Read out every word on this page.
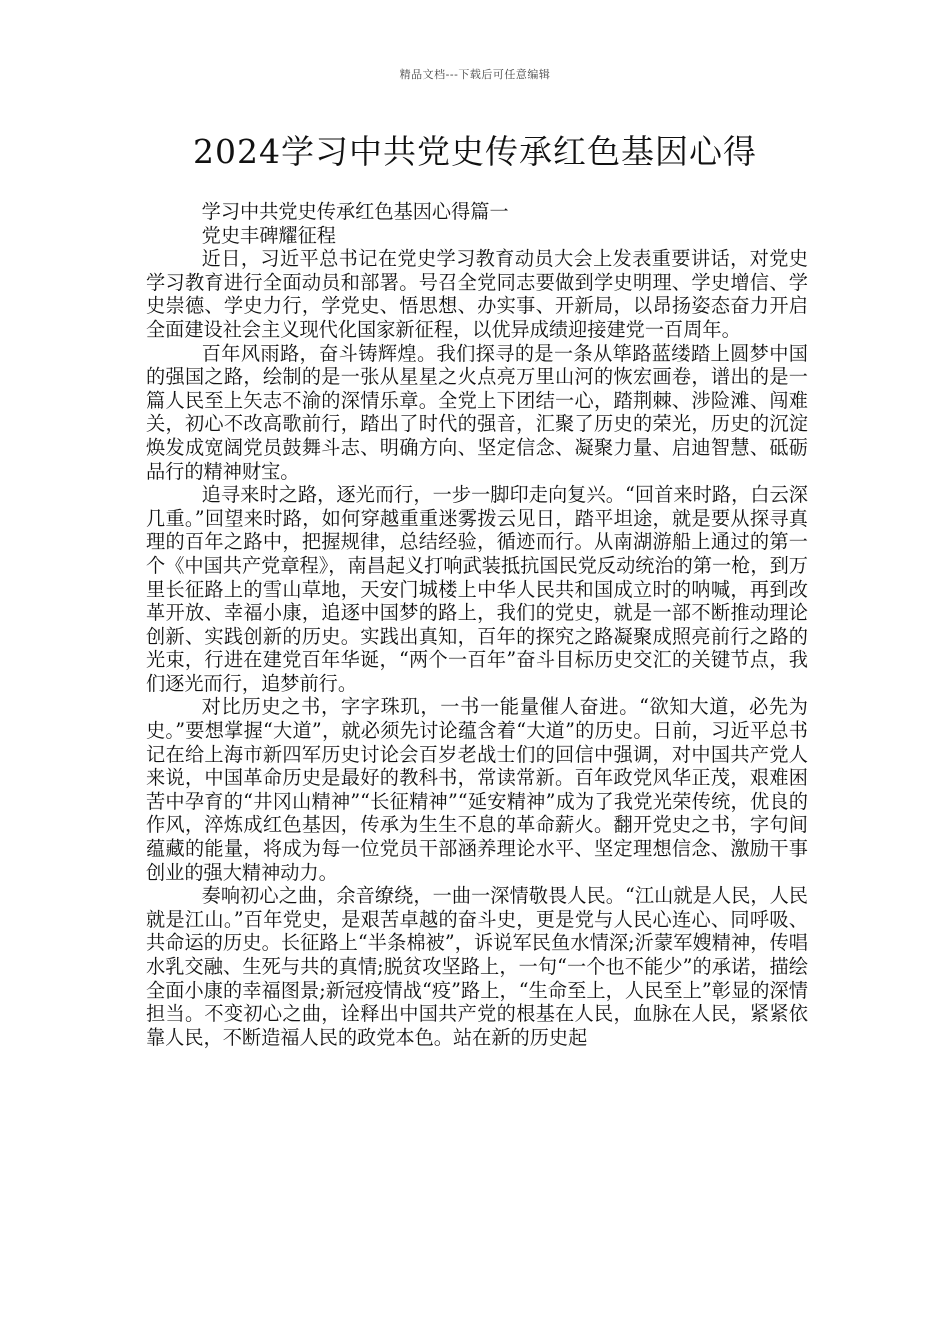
精品文档---下载后可任意编辑
2024学习中共党史传承红色基因心得

学习中共党史传承红色基因心得篇一

党史丰碑耀征程

近日，习近平总书记在党史学习教育动员大会上发表重要讲话，对党史学习教育进行全面动员和部署。号召全党同志要做到学史明理、学史增信、学史崇德、学史力行，学党史、悟思想、办实事、开新局，以昂扬姿态奋力开启全面建设社会主义现代化国家新征程，以优异成绩迎接建党一百周年。

百年风雨路，奋斗铸辉煌。我们探寻的是一条从筚路蓝缕踏上圆梦中国的强国之路，绘制的是一张从星星之火点亮万里山河的恢宏画卷，谱出的是一篇人民至上矢志不渝的深情乐章。全党上下团结一心，踏荆棘、涉险滩、闯难关，初心不改高歌前行，踏出了时代的强音，汇聚了历史的荣光，历史的沉淀焕发成宽阔党员鼓舞斗志、明确方向、坚定信念、凝聚力量、启迪智慧、砥砺品行的精神财宝。

追寻来时之路，逐光而行，一步一脚印走向复兴。“回首来时路，白云深几重。”回望来时路，如何穿越重重迷雾拨云见日，踏平坦途，就是要从探寻真理的百年之路中，把握规律，总结经验，循迹而行。从南湖游船上通过的第一个《中国共产党章程》，南昌起义打响武装抵抗国民党反动统治的第一枪，到万里长征路上的雪山草地，天安门城楼上中华人民共和国成立时的呐喊，再到改革开放、幸福小康，追逐中国梦的路上，我们的党史，就是一部不断推动理论创新、实践创新的历史。实践出真知，百年的探究之路凝聚成照亮前行之路的光束，行进在建党百年华诞，“两个一百年”奋斗目标历史交汇的关键节点，我们逐光而行，追梦前行。

对比历史之书，字字珠玑，一书一能量催人奋进。“欲知大道，必先为史。”要想掌握“大道”，就必须先讨论蕴含着“大道”的历史。日前，习近平总书记在给上海市新四军历史讨论会百岁老战士们的回信中强调，对中国共产党人来说，中国革命历史是最好的教科书，常读常新。百年政党风华正茂，艰难困苦中孕育的“井冈山精神”“长征精神”“延安精神”成为了我党光荣传统，优良的作风，淬炼成红色基因，传承为生生不息的革命薪火。翻开党史之书，字句间蕴藏的能量，将成为每一位党员干部涵养理论水平、坚定理想信念、激励干事创业的强大精神动力。

奏响初心之曲，余音缭绕，一曲一深情敬畏人民。“江山就是人民，人民就是江山。”百年党史，是艰苦卓越的奋斗史，更是党与人民心连心、同呼吸、共命运的历史。长征路上“半条棉被”，诉说军民鱼水情深;沂蒙军嫂精神，传唱水乳交融、生死与共的真情;脱贫攻坚路上，一句“一个也不能少”的承诺，描绘全面小康的幸福图景;新冠疫情战“疫”路上，“生命至上，人民至上”彰显的深情担当。不变初心之曲，诠释出中国共产党的根基在人民，血脉在人民，紧紧依靠人民，不断造福人民的政党本色。站在新的历史起
